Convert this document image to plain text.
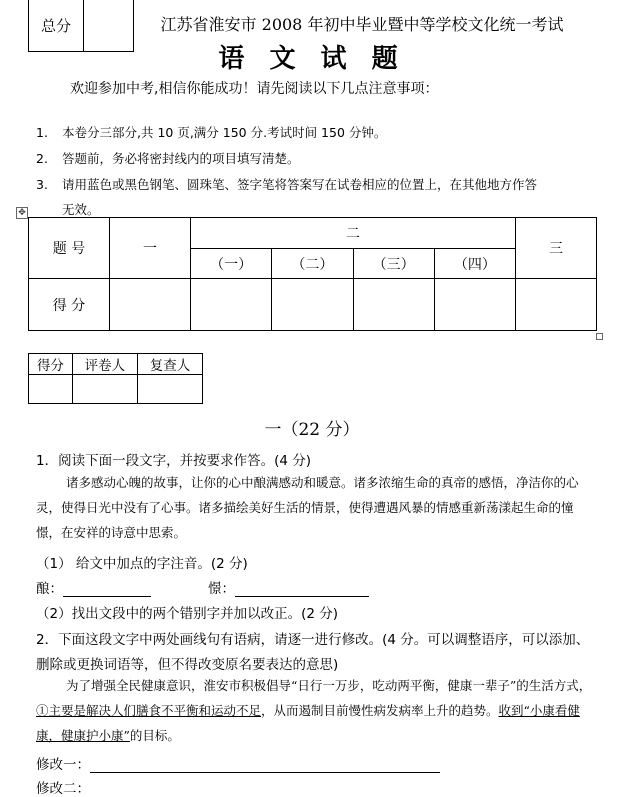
总分	江苏省淮安市 2008 年初中毕业暨中等学校文化统一考试
语 文 试 题
欢迎参加中考,相信你能成功！请先阅读以下几点注意事项：
1. 本卷分三部分,共 10 页,满分 150 分.考试时间 150 分钟。
2. 答题前，务必将密封线内的项目填写清楚。
3. 请用蓝色或黑色钢笔、圆珠笔、签字笔将答案写在试卷相应的位置上，在其他地方作答
无效。
✥
题 号	一	二				三
		（一）	（二）	（三）	（四）	
得 分						
得分	评卷人	复查人

一（22 分）
1．阅读下面一段文字，并按要求作答。(4 分)
诸多感动心魄的故事，让你的心中酿满感动和暖意。诸多浓缩生命的真帝的感悟，净洁你的心灵，使得日光中没有了心事。诸多描绘美好生活的情景，使得遭遇风暴的情感重新荡漾起生命的憧憬，在安祥的诗意中思索。
（1） 给文中加点的字注音。(2 分)
酿：	憬：
（2）找出文段中的两个错别字并加以改正。(2 分)
2．下面这段文字中两处画线句有语病，请逐一进行修改。(4 分。可以调整语序，可以添加、
删除或更换词语等，但不得改变原名要表达的意思)
为了增强全民健康意识，淮安市积极倡导“日行一万步，吃动两平衡，健康一辈子”的生活方式，①主要是解决人们膳食不平衡和运动不足，从而遏制目前慢性病发病率上升的趋势。收到“小康看健康，健康护小康”的目标。
修改一：
修改二：
